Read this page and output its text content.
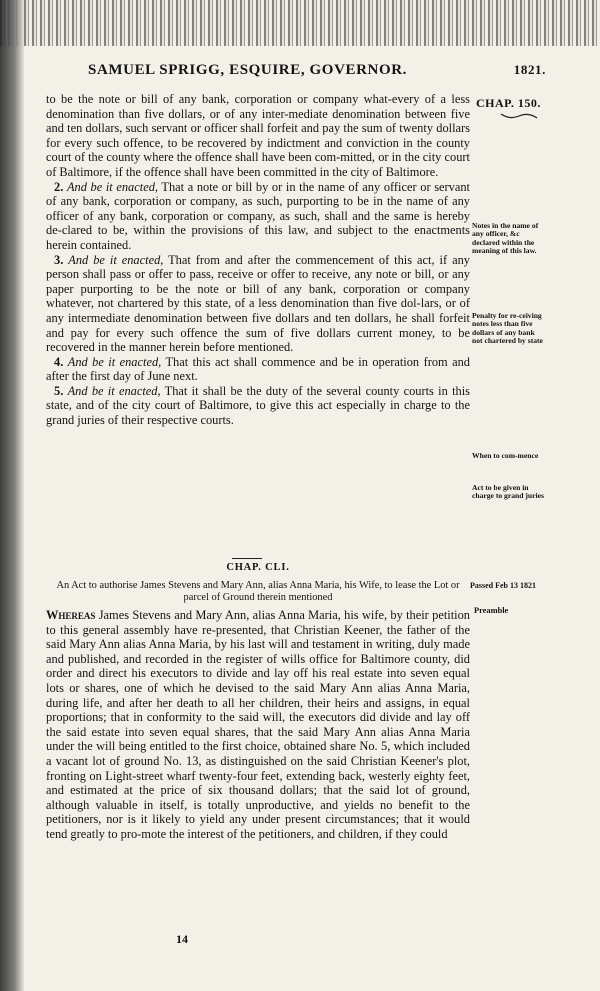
SAMUEL SPRIGG, ESQUIRE, GOVERNOR.	1821.
CHAP. 150.

to be the note or bill of any bank, corporation or company what-every of a less denomination than five dollars, or of any inter-mediate denomination between five and ten dollars, such servant or officer shall forfeit and pay the sum of twenty dollars for every such offence, to be recovered by indictment and conviction in the county court of the county where the offence shall have been com-mitted, or in the city court of Baltimore, if the offence shall have been committed in the city of Baltimore.

2. And be it enacted, That a note or bill by or in the name of any officer or servant of any bank, corporation or company, as such, purporting to be in the name of any officer of any bank, corporation or company, as such, shall and the same is hereby de-clared to be, within the provisions of this law, and subject to the enactments herein contained.

3. And be it enacted, That from and after the commencement of this act, if any person shall pass or offer to pass, receive or offer to receive, any note or bill, or any paper purporting to be the note or bill of any bank, corporation or company whatever, not chartered by this state, of a less denomination than five dol-lars, or of any intermediate denomination between five dollars and ten dollars, he shall forfeit and pay for every such offence the sum of five dollars current money, to be recovered in the manner herein before mentioned.

4. And be it enacted, That this act shall commence and be in operation from and after the first day of June next.

5. And be it enacted, That it shall be the duty of the several county courts in this state, and of the city court of Baltimore, to give this act especially in charge to the grand juries of their respective courts.

Notes in the name of any officer, &c declared within the meaning of this law.
Penalty for re-ceiving notes less than five dollars of any bank not chartered by state
When to com-mence
Act to be given in charge to grand juries
CHAP. CLI.
An Act to authorise James Stevens and Mary Ann, alias Anna Maria, his Wife, to lease the Lot or parcel of Ground therein mentioned
Passed Feb 13 1821
Preamble
Whereas James Stevens and Mary Ann, alias Anna Maria, his wife, by their petition to this general assembly have re-presented, that Christian Keener, the father of the said Mary Ann alias Anna Maria, by his last will and testament in writing, duly made and published, and recorded in the register of wills office for Baltimore county, did order and direct his executors to divide and lay off his real estate into seven equal lots or shares, one of which he devised to the said Mary Ann alias Anna Maria, during life, and after her death to all her children, their heirs and assigns, in equal proportions; that in conformity to the said will, the executors did divide and lay off the said estate into seven equal shares, that the said Mary Ann alias Anna Maria under the will being entitled to the first choice, obtained share No. 5, which included a vacant lot of ground No. 13, as distinguished on the said Christian Keener's plot, fronting on Light-street wharf twenty-four feet, extending back, westerly eighty feet, and estimated at the price of six thousand dollars; that the said lot of ground, although valuable in itself, is totally unproductive, and yields no benefit to the petitioners, nor is it likely to yield any under present circumstances; that it would tend greatly to pro-mote the interest of the petitioners, and children, if they could
14
